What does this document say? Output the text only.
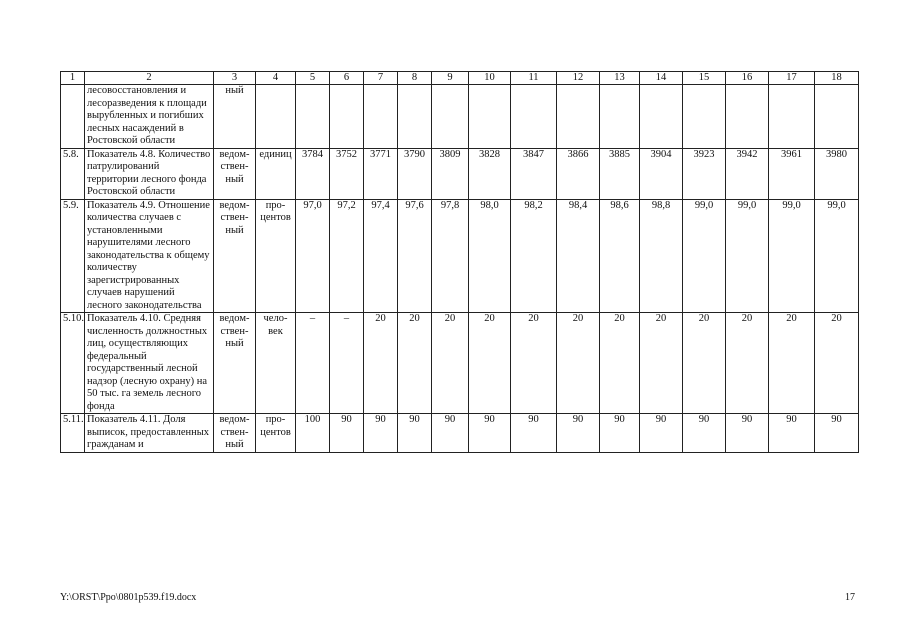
1	2	3	4	5	6	7	8	9	10	11	12	13	14	15	16	17	18
	лесовосстановления и лесоразведения к площади вырубленных и погибших лесных насаждений в Ростовской области	ный															
5.8.	Показатель 4.8. Количество патрулирований территории лесного фонда Ростовской области	ведом-ствен-ный	единиц	3784	3752	3771	3790	3809	3828	3847	3866	3885	3904	3923	3942	3961	3980
5.9.	Показатель 4.9. Отношение количества случаев с установленными нарушителями лесного законодательства к общему количеству зарегистрированных случаев нарушений лесного законодательства	ведом-ствен-ный	про-центов	97,0	97,2	97,4	97,6	97,8	98,0	98,2	98,4	98,6	98,8	99,0	99,0	99,0	99,0
5.10.	Показатель 4.10. Средняя численность должностных лиц, осуществляющих федеральный государственный лесной надзор (лесную охрану) на 50 тыс. га земель лесного фонда	ведом-ствен-ный	чело-век	–	–	20	20	20	20	20	20	20	20	20	20	20	20
5.11.	Показатель 4.11. Доля выписок, предоставленных гражданам и	ведом-ствен-ный	про-центов	100	90	90	90	90	90	90	90	90	90	90	90	90	90
Y:\ORST\Ppo\0801p539.f19.docx	17
